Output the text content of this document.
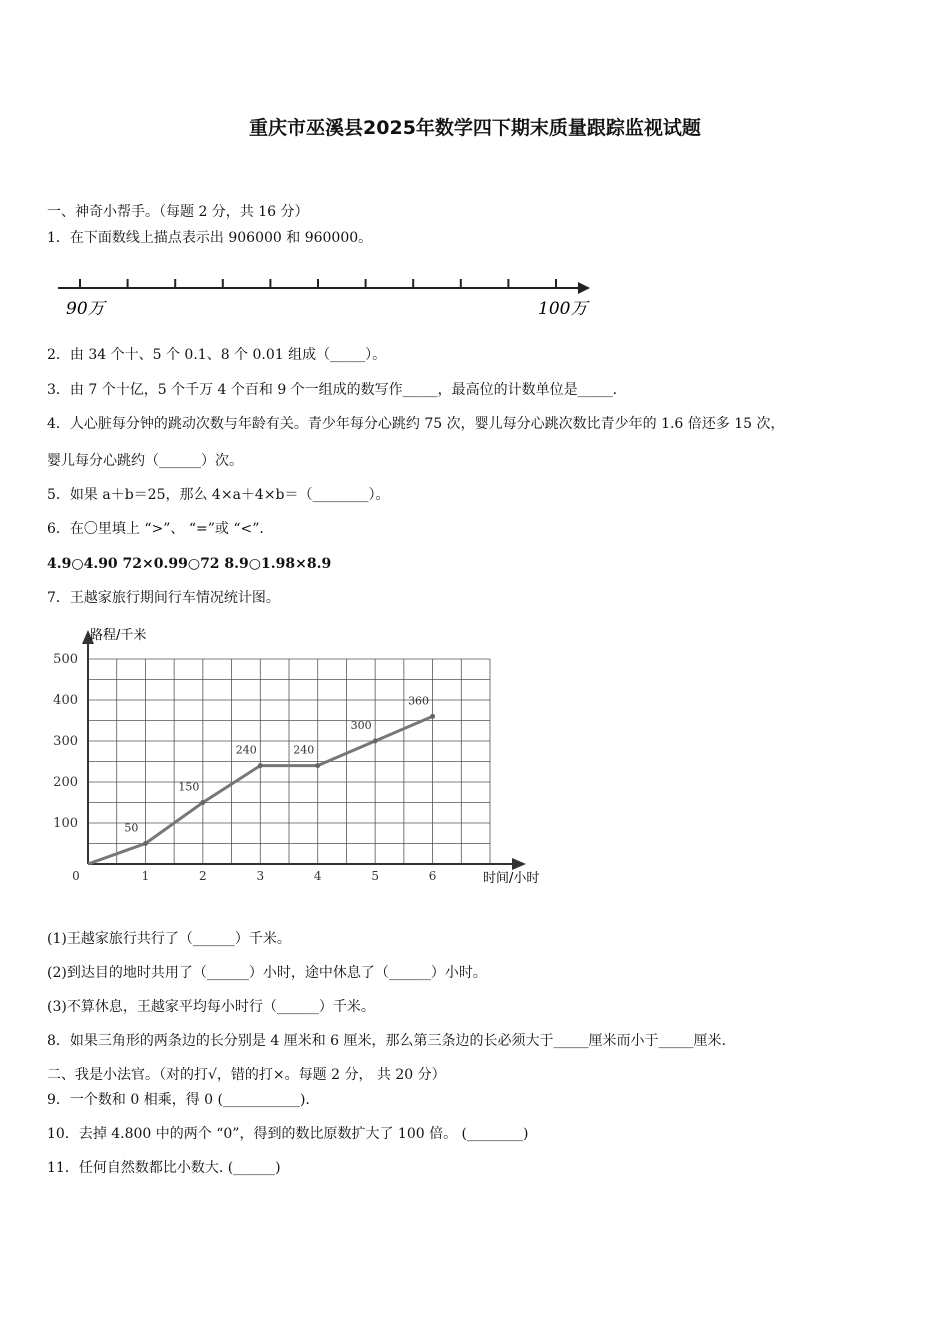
重庆市巫溪县2025年数学四下期末质量跟踪监视试题
一、神奇小帮手。（每题 2 分，共 16 分）
1．在下面数线上描点表示出 906000 和 960000。
90万	100万
2．由 34 个十、5 个 0.1、8 个 0.01 组成（_____）。
3．由 7 个十亿，5 个千万 4 个百和 9 个一组成的数写作_____，最高位的计数单位是_____.
4．人心脏每分钟的跳动次数与年龄有关。青少年每分心跳约 75 次，婴儿每分心跳次数比青少年的 1.6 倍还多 15 次，
婴儿每分心跳约（______）次。
5．如果 a＋b＝25，那么 4×a＋4×b＝（________）。
6．在〇里填上 “>”、 “=”或 “<”.
4.9○4.90 72×0.99○72 8.9○1.98×8.9
7．王越家旅行期间行车情况统计图。
100
200
300
400
500
0	1	2	3	4	5	6
50
150
240	240
300
360
路程/千米
时间/小时
(1)王越家旅行共行了（______）千米。
(2)到达目的地时共用了（______）小时，途中休息了（______）小时。
(3)不算休息，王越家平均每小时行（______）千米。
8．如果三角形的两条边的长分别是 4 厘米和 6 厘米，那么第三条边的长必须大于_____厘米而小于_____厘米.
二、我是小法官。（对的打√，错的打×。每题 2 分， 共 20 分）
9．一个数和 0 相乘，得 0 (___________)．
10．去掉 4.800 中的两个 “0”，得到的数比原数扩大了 100 倍。 (________)
11．任何自然数都比小数大. (______)
